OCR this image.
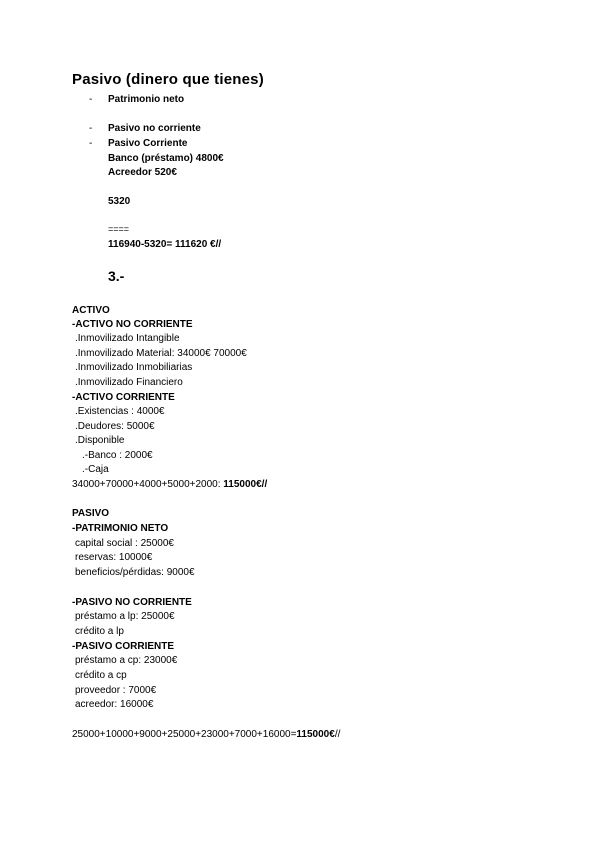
Pasivo (dinero que tienes)
- Patrimonio neto
- Pasivo no corriente
- Pasivo Corriente
Banco (préstamo) 4800€
Acreedor 520€
5320
====
116940-5320= 111620 €//
3.-
ACTIVO
-ACTIVO NO CORRIENTE
.Inmovilizado Intangible
.Inmovilizado Material: 34000€ 70000€
.Inmovilizado Inmobiliarias
.Inmovilizado Financiero
-ACTIVO CORRIENTE
.Existencias : 4000€
.Deudores: 5000€
.Disponible
.-Banco : 2000€
.-Caja
34000+70000+4000+5000+2000: 115000€//
PASIVO
-PATRIMONIO NETO
capital social : 25000€
reservas: 10000€
beneficios/pérdidas: 9000€
-PASIVO NO CORRIENTE
préstamo a lp: 25000€
crédito a lp
-PASIVO CORRIENTE
préstamo a cp: 23000€
crédito a cp
proveedor : 7000€
acreedor: 16000€
25000+10000+9000+25000+23000+7000+16000=115000€//
